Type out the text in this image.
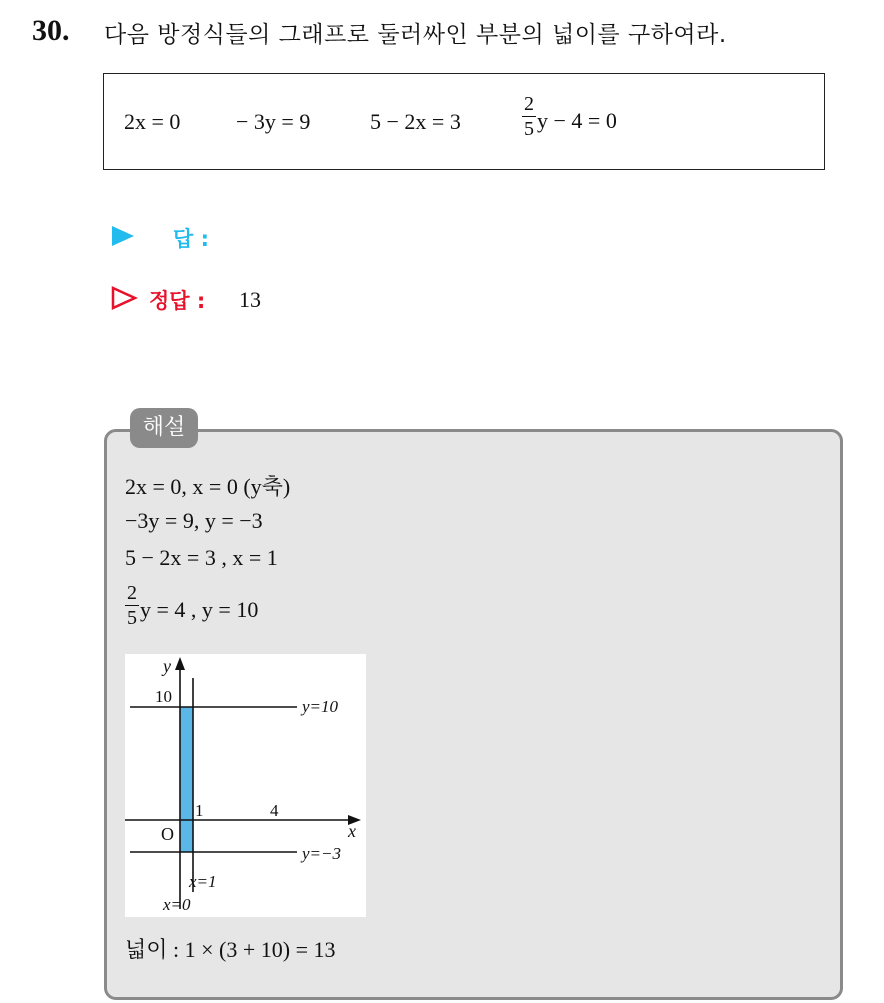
30. 다음 방정식들의 그래프로 둘러싸인 부분의 넓이를 구하여라.
2x = 0	− 3y = 9	5 − 2x = 3	$\frac{2}{5}$ y − 4 = 0
답 :
정답 : 13
해설
2x = 0, x = 0 (y축)
−3y = 9, y = −3
5 − 2x = 3 , x = 1
$\frac{2}{5}$ y = 4 , y = 10
y
x
O
10
1	4
y=10
y=−3
x=1
x=0
넓이 : 1 × (3 + 10) = 13
